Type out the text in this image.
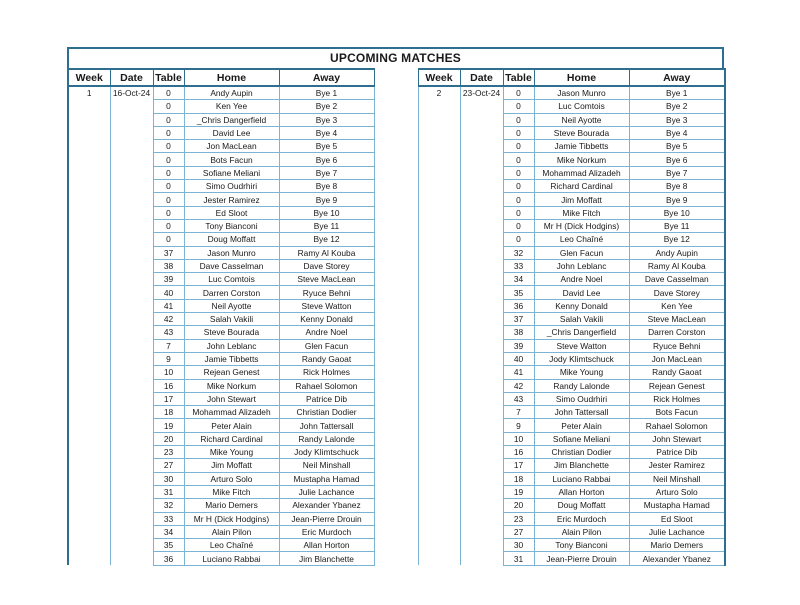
UPCOMING MATCHES
Week	Date	Table	Home	Away		Week	Date	Table	Home	Away
1	16-Oct-24	0	Andy Aupin	Bye 1		2	23-Oct-24	0	Jason Munro	Bye 1
		0	Ken Yee	Bye 2				0	Luc Comtois	Bye 2
		0	_Chris Dangerfield	Bye 3				0	Neil Ayotte	Bye 3
		0	David Lee	Bye 4				0	Steve Bourada	Bye 4
		0	Jon MacLean	Bye 5				0	Jamie Tibbetts	Bye 5
		0	Bots Facun	Bye 6				0	Mike Norkum	Bye 6
		0	Sofiane Meliani	Bye 7				0	Mohammad Alizadeh	Bye 7
		0	Simo Oudrhiri	Bye 8				0	Richard Cardinal	Bye 8
		0	Jester Ramirez	Bye 9				0	Jim Moffatt	Bye 9
		0	Ed Sloot	Bye 10				0	Mike Fitch	Bye 10
		0	Tony Bianconi	Bye 11				0	Mr H (Dick Hodgins)	Bye 11
		0	Doug Moffatt	Bye 12				0	Leo Chaîné	Bye 12
		37	Jason Munro	Ramy Al Kouba				32	Glen Facun	Andy Aupin
		38	Dave Casselman	Dave Storey				33	John Leblanc	Ramy Al Kouba
		39	Luc Comtois	Steve MacLean				34	Andre Noel	Dave Casselman
		40	Darren Corston	Ryuce Behni				35	David Lee	Dave Storey
		41	Neil Ayotte	Steve Watton				36	Kenny Donald	Ken Yee
		42	Salah Vakili	Kenny Donald				37	Salah Vakili	Steve MacLean
		43	Steve Bourada	Andre Noel				38	_Chris Dangerfield	Darren Corston
		7	John Leblanc	Glen Facun				39	Steve Watton	Ryuce Behni
		9	Jamie Tibbetts	Randy Gaoat				40	Jody Klimtschuck	Jon MacLean
		10	Rejean Genest	Rick Holmes				41	Mike Young	Randy Gaoat
		16	Mike Norkum	Rahael Solomon				42	Randy Lalonde	Rejean Genest
		17	John Stewart	Patrice Dib				43	Simo Oudrhiri	Rick Holmes
		18	Mohammad Alizadeh	Christian Dodier				7	John Tattersall	Bots Facun
		19	Peter Alain	John Tattersall				9	Peter Alain	Rahael Solomon
		20	Richard Cardinal	Randy Lalonde				10	Sofiane Meliani	John Stewart
		23	Mike Young	Jody Klimtschuck				16	Christian Dodier	Patrice Dib
		27	Jim Moffatt	Neil Minshall				17	Jim Blanchette	Jester Ramirez
		30	Arturo Solo	Mustapha Hamad				18	Luciano Rabbai	Neil Minshall
		31	Mike Fitch	Julie Lachance				19	Allan Horton	Arturo Solo
		32	Mario Demers	Alexander Ybanez				20	Doug Moffatt	Mustapha Hamad
		33	Mr H (Dick Hodgins)	Jean-Pierre Drouin				23	Eric Murdoch	Ed Sloot
		34	Alain Pilon	Eric Murdoch				27	Alain Pilon	Julie Lachance
		35	Leo Chaîné	Allan Horton				30	Tony Bianconi	Mario Demers
		36	Luciano Rabbai	Jim Blanchette				31	Jean-Pierre Drouin	Alexander Ybanez
